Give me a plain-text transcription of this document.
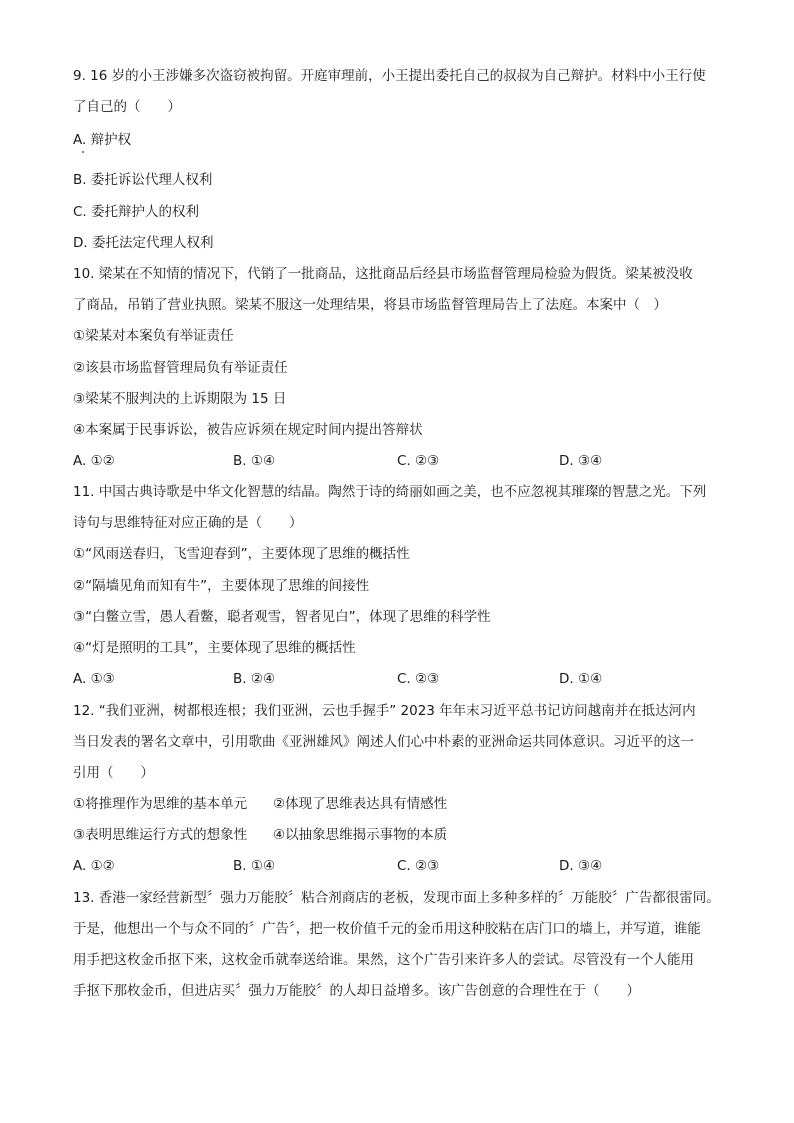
9. 16 岁的小王涉嫌多次盗窃被拘留。开庭审理前，小王提出委托自己的叔叔为自己辩护。材料中小王行使
了自己的（　　）
A. 辩护权
B. 委托诉讼代理人权利
C. 委托辩护人的权利
D. 委托法定代理人权利
10. 梁某在不知情的情况下，代销了一批商品，这批商品后经县市场监督管理局检验为假货。梁某被没收
了商品，吊销了营业执照。梁某不服这一处理结果，将县市场监督管理局告上了法庭。本案中（　）
①梁某对本案负有举证责任
②该县市场监督管理局负有举证责任
③梁某不服判决的上诉期限为 15 日
④本案属于民事诉讼，被告应诉须在规定时间内提出答辩状
A. ①②	B. ①④	C. ②③	D. ③④
11. 中国古典诗歌是中华文化智慧的结晶。陶然于诗的绮丽如画之美，也不应忽视其璀璨的智慧之光。下列
诗句与思维特征对应正确的是（　　）
①“风雨送春归，飞雪迎春到”，主要体现了思维的概括性
②“隔墙见角而知有牛”，主要体现了思维的间接性
③“白鳖立雪，愚人看鳖，聪者观雪，智者见白”，体现了思维的科学性
④“灯是照明的工具”，主要体现了思维的概括性
A. ①③	B. ②④	C. ②③	D. ①④
12. “我们亚洲，树都根连根；我们亚洲，云也手握手” 2023 年年末习近平总书记访问越南并在抵达河内
当日发表的署名文章中，引用歌曲《亚洲雄风》阐述人们心中朴素的亚洲命运共同体意识。习近平的这一
引用（　　）
①将推理作为思维的基本单元 ②体现了思维表达具有情感性
③表明思维运行方式的想象性 ④以抽象思维揭示事物的本质
A. ①②	B. ①④	C. ②③	D. ③④
13. 香港一家经营新型〞强力万能胶〞粘合剂商店的老板，发现市面上多种多样的〞万能胶〞广告都很雷同。
于是，他想出一个与众不同的〞广告〞，把一枚价值千元的金币用这种胶粘在店门口的墙上，并写道，谁能
用手把这枚金币抠下来，这枚金币就奉送给谁。果然，这个广告引来许多人的尝试。尽管没有一个人能用
手抠下那枚金币，但进店买〞强力万能胶〞的人却日益增多。该广告创意的合理性在于（　　）
